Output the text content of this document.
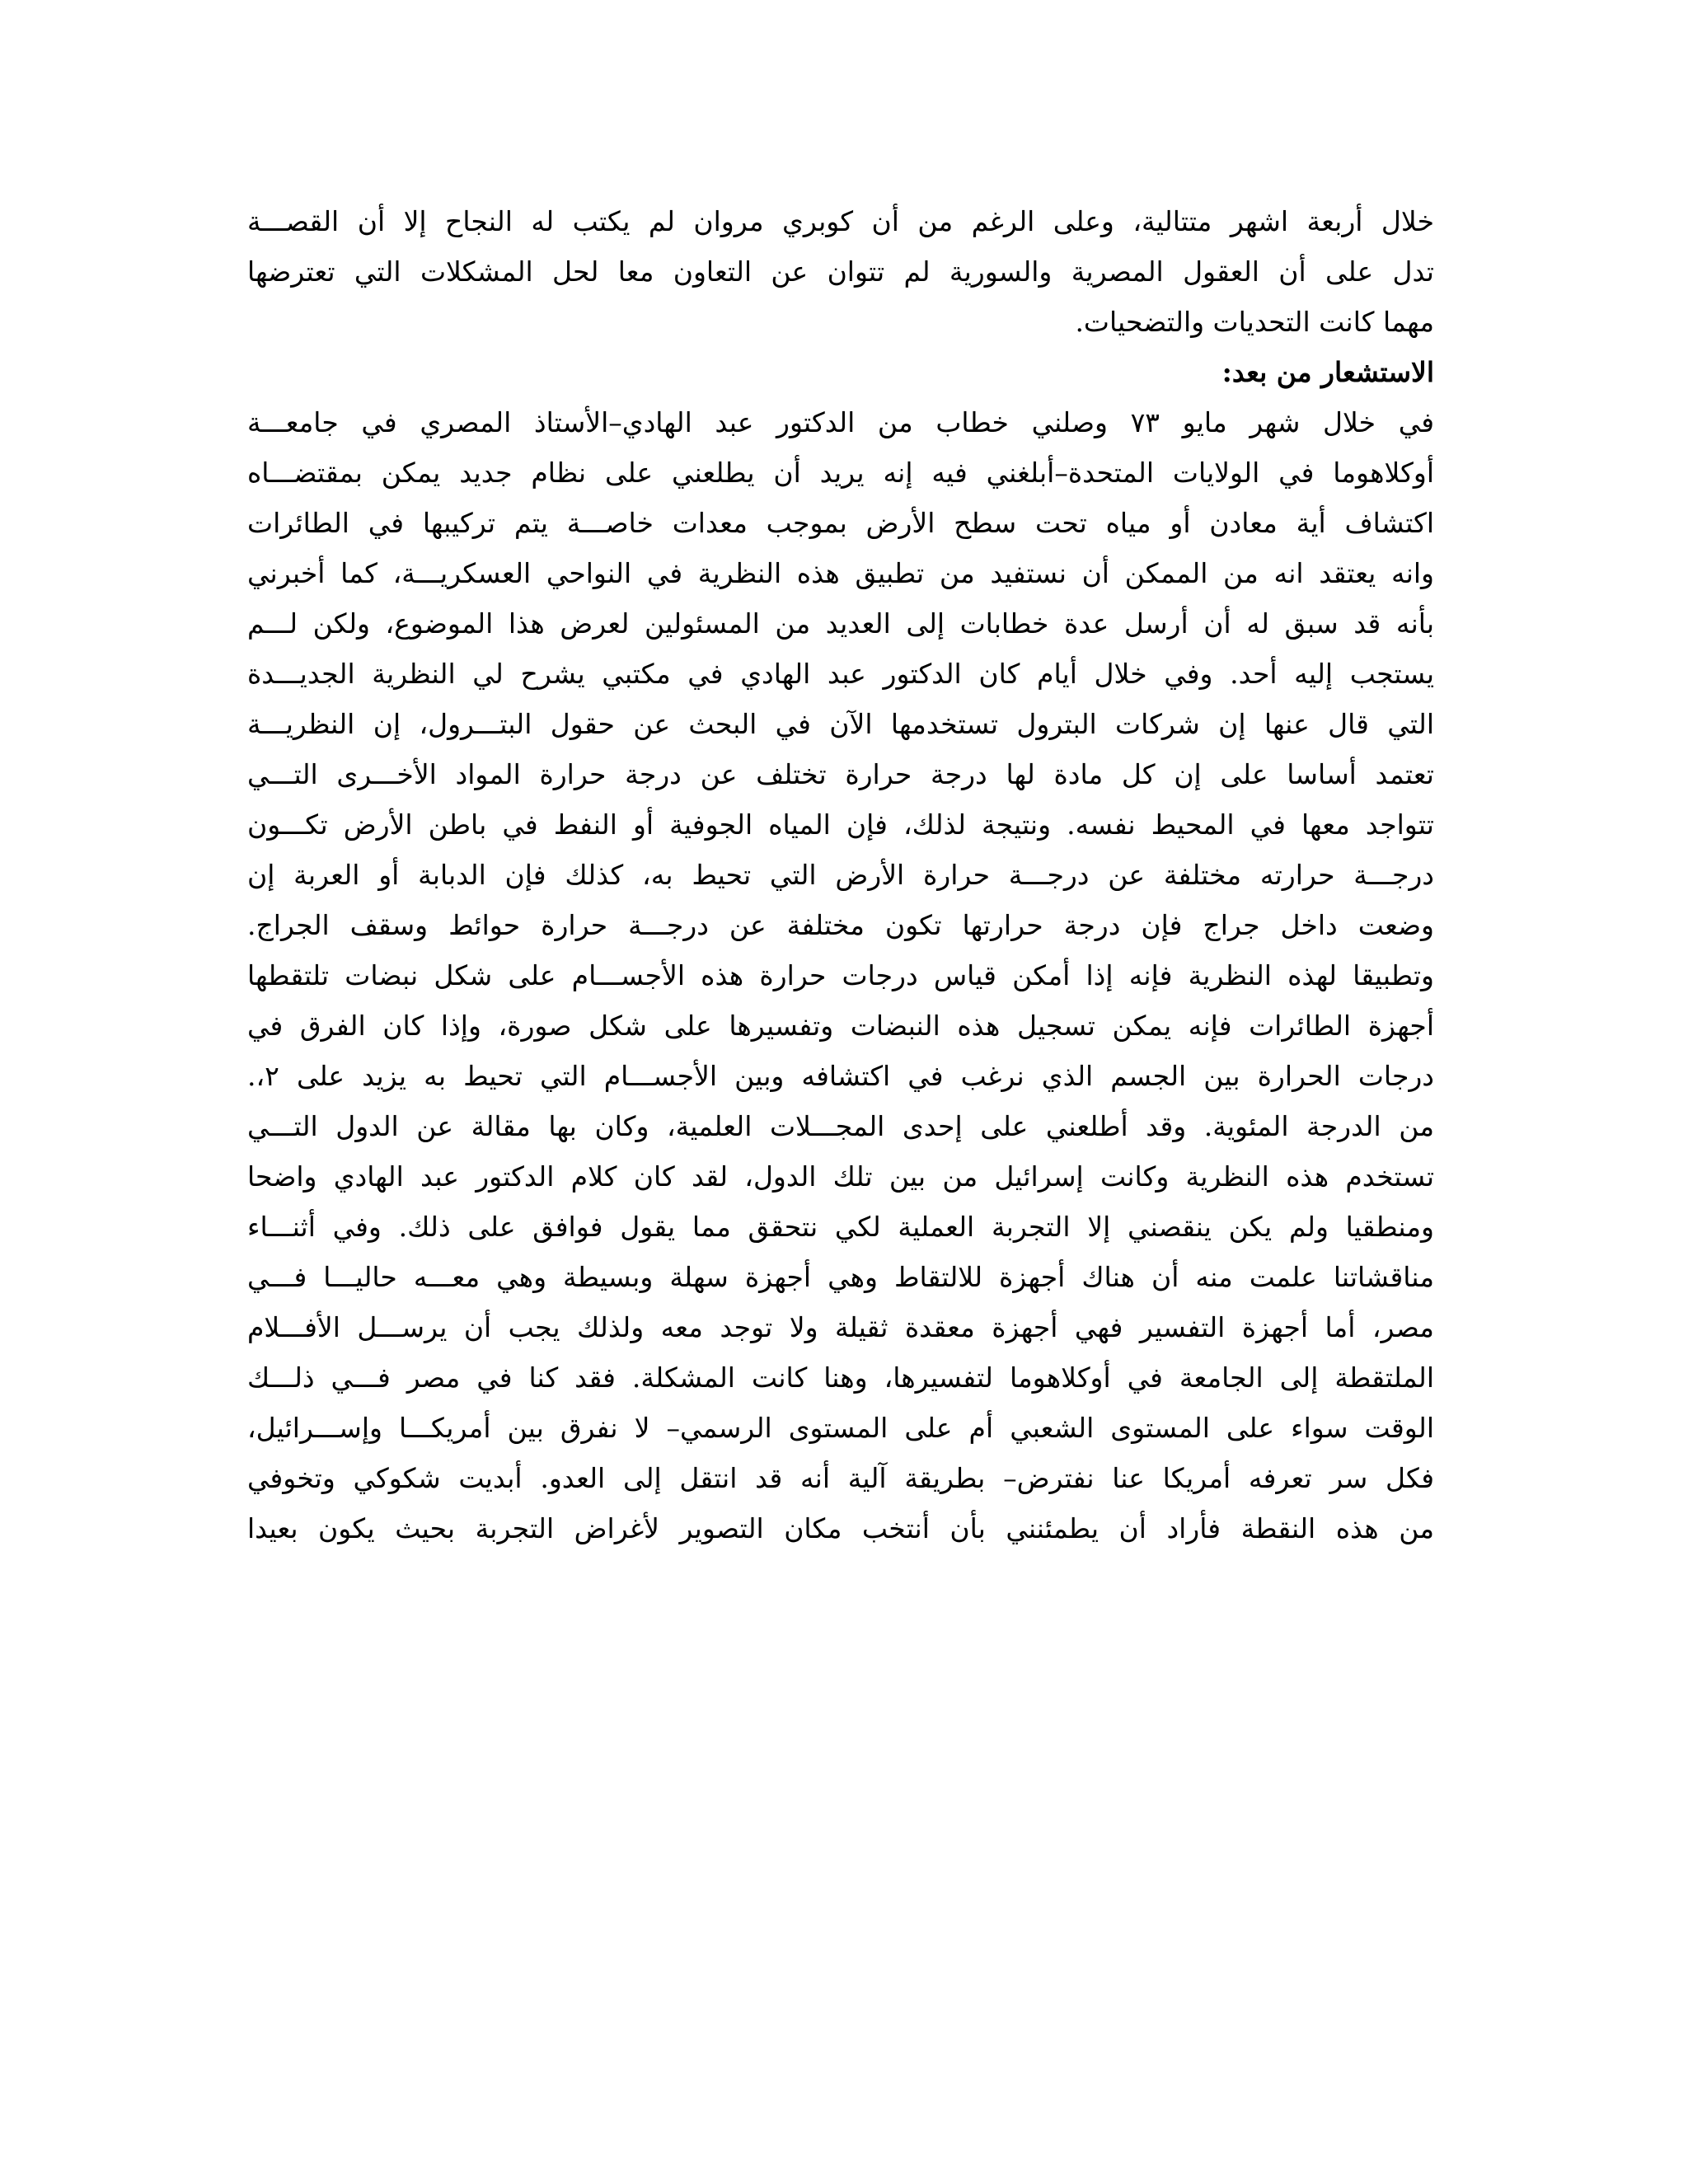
خلال أربعة اشهر متتالية، وعلى الرغم من أن كوبري مروان لم يكتب له النجاح إلا أن القصـــة
تدل على أن العقول المصرية والسورية لم تتوان عن التعاون معا لحل المشكلات التي تعترضها
مهما كانت التحديات والتضحيات.
الاستشعار من بعد:
في خلال شهر مايو ٧٣ وصلني خطاب من الدكتور عبد الهادي–الأستاذ المصري في جامعـــة
أوكلاهوما في الولايات المتحدة–أبلغني فيه إنه يريد أن يطلعني على نظام جديد يمكن بمقتضـــاه
اكتشاف أية معادن أو مياه تحت سطح الأرض بموجب معدات خاصـــة يتم تركيبها في الطائرات
وانه يعتقد انه من الممكن أن نستفيد من تطبيق هذه النظرية في النواحي العسكريـــة، كما أخبرني
بأنه قد سبق له أن أرسل عدة خطابات إلى العديد من المسئولين لعرض هذا الموضوع، ولكن لـــم
يستجب إليه أحد. وفي خلال أيام كان الدكتور عبد الهادي في مكتبي يشرح لي النظرية الجديـــدة
التي قال عنها إن شركات البترول تستخدمها الآن في البحث عن حقول البتـــرول، إن النظريـــة
تعتمد أساسا على إن كل مادة لها درجة حرارة تختلف عن درجة حرارة المواد الأخـــرى التـــي
تتواجد معها في المحيط نفسه. ونتيجة لذلك، فإن المياه الجوفية أو النفط في باطن الأرض تكـــون
درجـــة حرارته مختلفة عن درجـــة حرارة الأرض التي تحيط به، كذلك فإن الدبابة أو العربة إن
وضعت داخل جراج فإن درجة حرارتها تكون مختلفة عن درجـــة حرارة حوائط وسقف الجراج.
وتطبيقا لهذه النظرية فإنه إذا أمكن قياس درجات حرارة هذه الأجســـام على شكل نبضات تلتقطها
أجهزة الطائرات فإنه يمكن تسجيل هذه النبضات وتفسيرها على شكل صورة، وإذا كان الفرق في
درجات الحرارة بين الجسم الذي نرغب في اكتشافه وبين الأجســـام التي تحيط به يزيد على ٢،.
من الدرجة المئوية. وقد أطلعني على إحدى المجـــلات العلمية، وكان بها مقالة عن الدول التـــي
تستخدم هذه النظرية وكانت إسرائيل من بين تلك الدول، لقد كان كلام الدكتور عبد الهادي واضحا
ومنطقيا ولم يكن ينقصني إلا التجربة العملية لكي نتحقق مما يقول فوافق على ذلك. وفي أثنـــاء
مناقشاتنا علمت منه أن هناك أجهزة للالتقاط وهي أجهزة سهلة وبسيطة وهي معـــه حاليـــا فـــي
مصر، أما أجهزة التفسير فهي أجهزة معقدة ثقيلة ولا توجد معه ولذلك يجب أن يرســـل الأفـــلام
الملتقطة إلى الجامعة في أوكلاهوما لتفسيرها، وهنا كانت المشكلة. فقد كنا في مصر فـــي ذلـــك
الوقت سواء على المستوى الشعبي أم على المستوى الرسمي– لا نفرق بين أمريكـــا وإســـرائيل،
فكل سر تعرفه أمريكا عنا نفترض– بطريقة آلية أنه قد انتقل إلى العدو. أبديت شكوكي وتخوفي
من هذه النقطة فأراد أن يطمئنني بأن أنتخب مكان التصوير لأغراض التجربة بحيث يكون بعيدا
